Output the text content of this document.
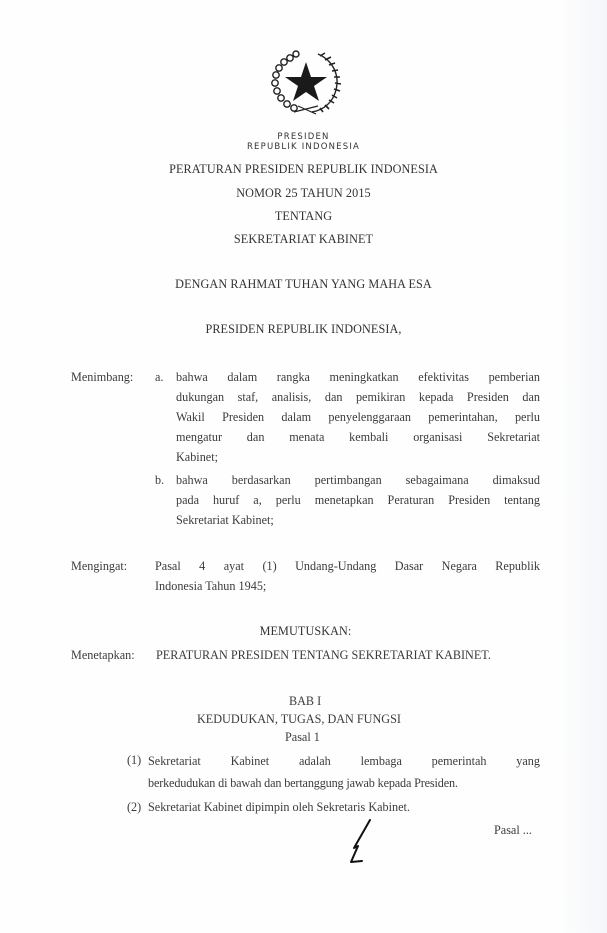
PRESIDEN
REPUBLIK INDONESIA
PERATURAN PRESIDEN REPUBLIK INDONESIA
NOMOR 25 TAHUN 2015
TENTANG
SEKRETARIAT KABINET
DENGAN RAHMAT TUHAN YANG MAHA ESA
PRESIDEN REPUBLIK INDONESIA,
Menimbang: a. bahwa dalam rangka meningkatkan efektivitas pemberian
dukungan staf, analisis, dan pemikiran kepada Presiden dan
Wakil Presiden dalam penyelenggaraan pemerintahan, perlu
mengatur dan menata kembali organisasi Sekretariat
Kabinet;
b. bahwa berdasarkan pertimbangan sebagaimana dimaksud
pada huruf a, perlu menetapkan Peraturan Presiden tentang
Sekretariat Kabinet;
Mengingat: Pasal 4 ayat (1) Undang-Undang Dasar Negara Republik
Indonesia Tahun 1945;
MEMUTUSKAN:
Menetapkan: PERATURAN PRESIDEN TENTANG SEKRETARIAT KABINET.
BAB I
KEDUDUKAN, TUGAS, DAN FUNGSI
Pasal 1
(1) Sekretariat Kabinet adalah lembaga pemerintah yang
berkedudukan di bawah dan bertanggung jawab kepada Presiden.
(2) Sekretariat Kabinet dipimpin oleh Sekretaris Kabinet.
Pasal ...
